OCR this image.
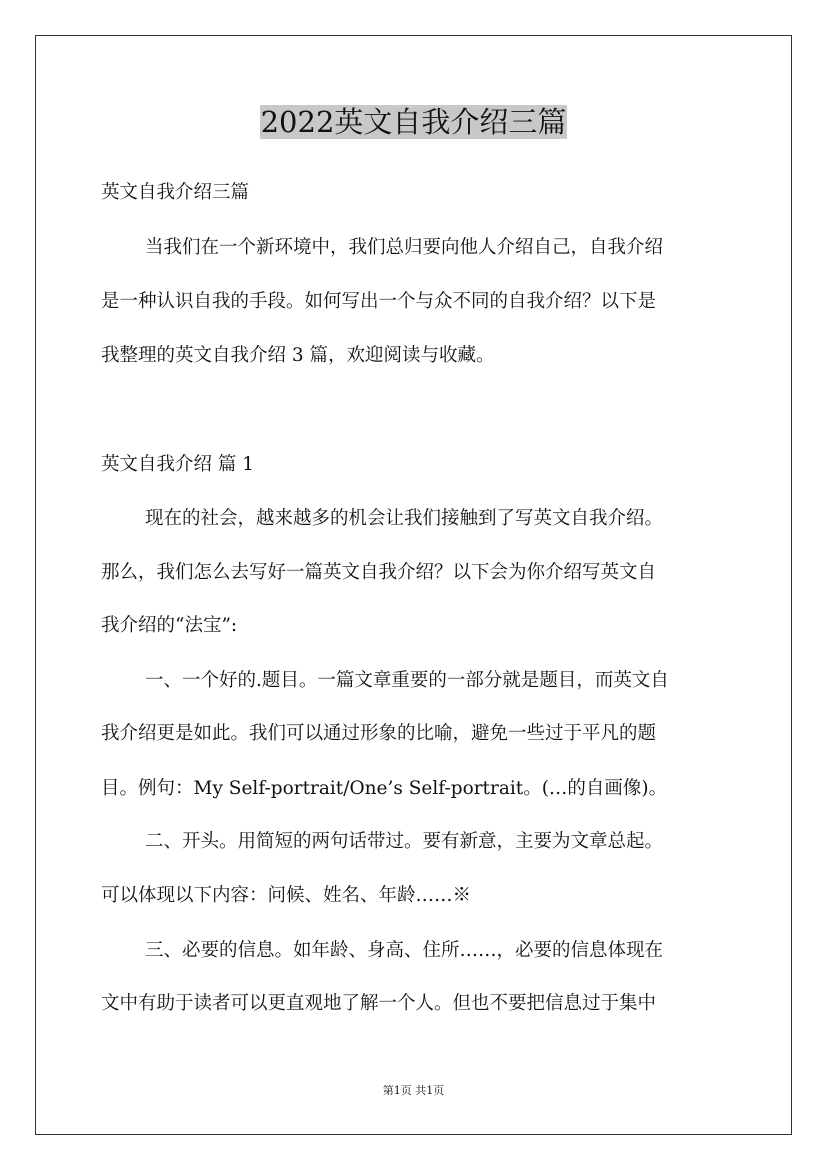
2022英文自我介绍三篇
英文自我介绍三篇
当我们在一个新环境中，我们总归要向他人介绍自己，自我介绍
是一种认识自我的手段。如何写出一个与众不同的自我介绍？以下是
我整理的英文自我介绍 3 篇，欢迎阅读与收藏。
英文自我介绍 篇 1
现在的社会，越来越多的机会让我们接触到了写英文自我介绍。
那么，我们怎么去写好一篇英文自我介绍？以下会为你介绍写英文自
我介绍的“法宝”:
一、一个好的.题目。一篇文章重要的一部分就是题目，而英文自
我介绍更是如此。我们可以通过形象的比喻，避免一些过于平凡的题
目。例句：My Self-portrait/One’s Self-portrait。(…的自画像)。
二、开头。用简短的两句话带过。要有新意，主要为文章总起。
可以体现以下内容：问候、姓名、年龄……※
三、必要的信息。如年龄、身高、住所……，必要的信息体现在
文中有助于读者可以更直观地了解一个人。但也不要把信息过于集中
第1页 共1页
